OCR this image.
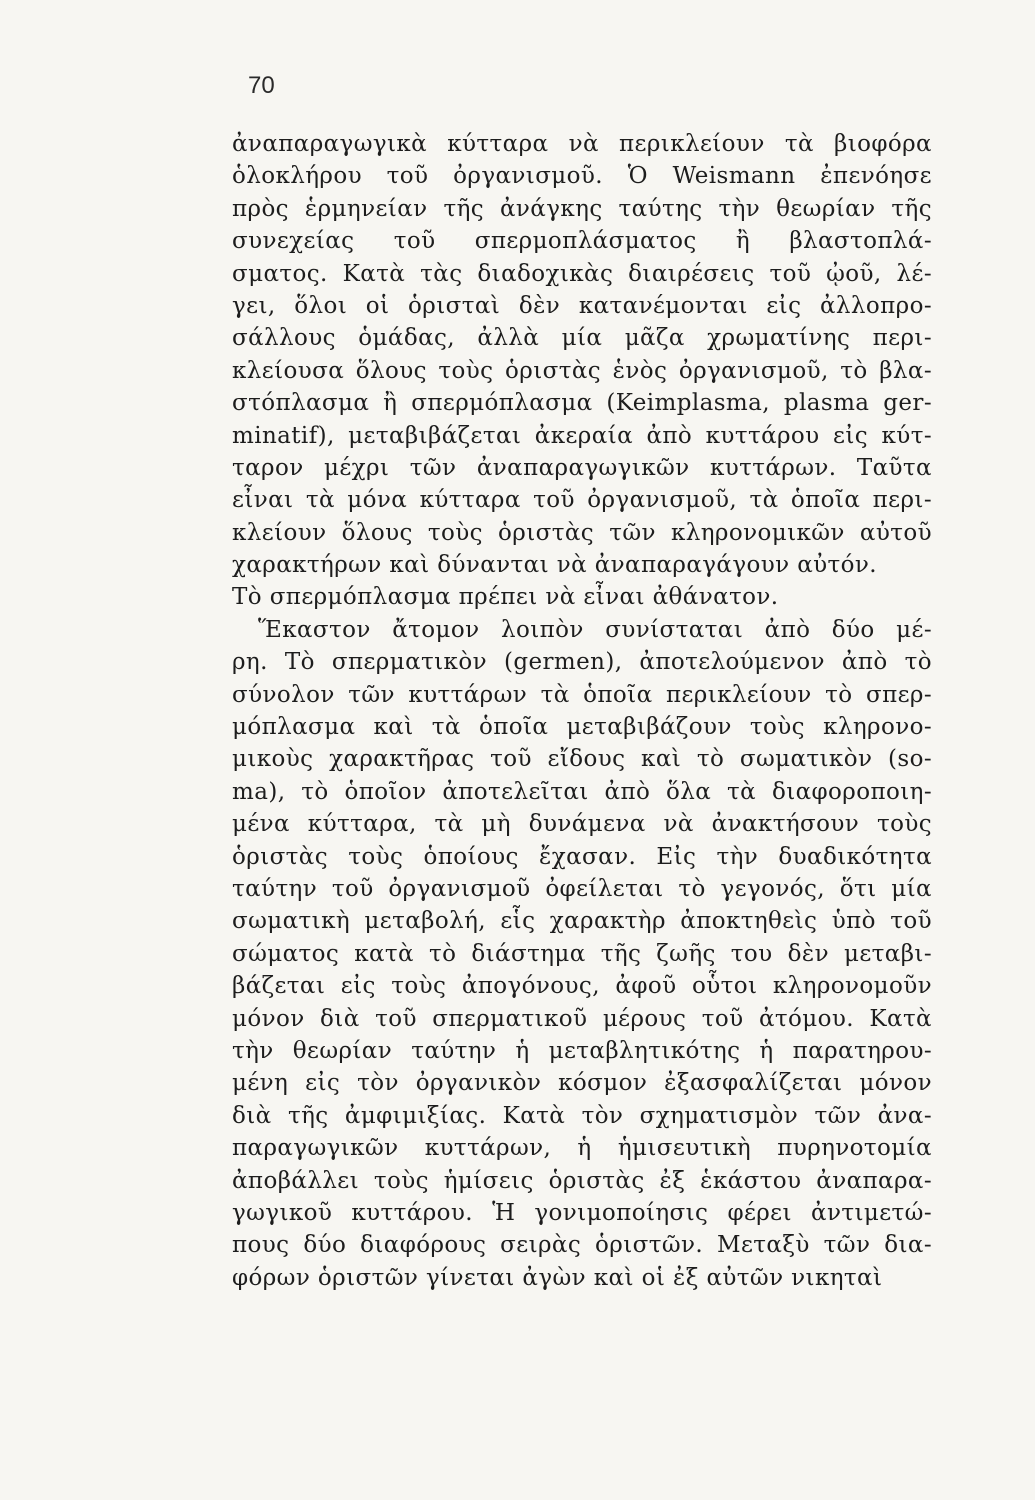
70
ἀναπαραγωγικὰ κύτταρα νὰ περικλείουν τὰ βιοφόρα
ὁλοκλήρου τοῦ ὀργανισμοῦ. Ὁ Weismann ἐπενόησε
πρὸς ἑρμηνείαν τῆς ἀνάγκης ταύτης τὴν θεωρίαν τῆς
συνεχείας τοῦ σπερμοπλάσματος ἢ βλαστοπλά-
σματος. Κατὰ τὰς διαδοχικὰς διαιρέσεις τοῦ ᾠοῦ, λέ-
γει, ὅλοι οἱ ὁρισταὶ δὲν κατανέμονται εἰς ἀλλοπρο-
σάλλους ὁμάδας, ἀλλὰ μία μᾶζα χρωματίνης περι-
κλείουσα ὅλους τοὺς ὁριστὰς ἑνὸς ὀργανισμοῦ, τὸ βλα-
στόπλασμα ἢ σπερμόπλασμα (Keimplasma, plasma ger-
minatif), μεταβιβάζεται ἀκεραία ἀπὸ κυττάρου εἰς κύτ-
ταρον μέχρι τῶν ἀναπαραγωγικῶν κυττάρων. Ταῦτα
εἶναι τὰ μόνα κύτταρα τοῦ ὀργανισμοῦ, τὰ ὁποῖα περι-
κλείουν ὅλους τοὺς ὁριστὰς τῶν κληρονομικῶν αὐτοῦ
χαρακτήρων καὶ δύνανται νὰ ἀναπαραγάγουν αὐτόν.
Τὸ σπερμόπλασμα πρέπει νὰ εἶναι ἀθάνατον.
Ἕκαστον ἄτομον λοιπὸν συνίσταται ἀπὸ δύο μέ-
ρη. Τὸ σπερματικὸν (germen), ἀποτελούμενον ἀπὸ τὸ
σύνολον τῶν κυττάρων τὰ ὁποῖα περικλείουν τὸ σπερ-
μόπλασμα καὶ τὰ ὁποῖα μεταβιβάζουν τοὺς κληρονο-
μικοὺς χαρακτῆρας τοῦ εἴδους καὶ τὸ σωματικὸν (so-
ma), τὸ ὁποῖον ἀποτελεῖται ἀπὸ ὅλα τὰ διαφοροποιη-
μένα κύτταρα, τὰ μὴ δυνάμενα νὰ ἀνακτήσουν τοὺς
ὁριστὰς τοὺς ὁποίους ἔχασαν. Εἰς τὴν δυαδικότητα
ταύτην τοῦ ὀργανισμοῦ ὀφείλεται τὸ γεγονός, ὅτι μία
σωματικὴ μεταβολή, εἷς χαρακτὴρ ἀποκτηθεὶς ὑπὸ τοῦ
σώματος κατὰ τὸ διάστημα τῆς ζωῆς του δὲν μεταβι-
βάζεται εἰς τοὺς ἀπογόνους, ἀφοῦ οὗτοι κληρονομοῦν
μόνον διὰ τοῦ σπερματικοῦ μέρους τοῦ ἀτόμου. Κατὰ
τὴν θεωρίαν ταύτην ἡ μεταβλητικότης ἡ παρατηρου-
μένη εἰς τὸν ὀργανικὸν κόσμον ἐξασφαλίζεται μόνον
διὰ τῆς ἀμφιμιξίας. Κατὰ τὸν σχηματισμὸν τῶν ἀνα-
παραγωγικῶν κυττάρων, ἡ ἡμισευτικὴ πυρηνοτομία
ἀποβάλλει τοὺς ἡμίσεις ὁριστὰς ἐξ ἑκάστου ἀναπαρα-
γωγικοῦ κυττάρου. Ἡ γονιμοποίησις φέρει ἀντιμετώ-
πους δύο διαφόρους σειρὰς ὁριστῶν. Μεταξὺ τῶν δια-
φόρων ὁριστῶν γίνεται ἀγὼν καὶ οἱ ἐξ αὐτῶν νικηταὶ
